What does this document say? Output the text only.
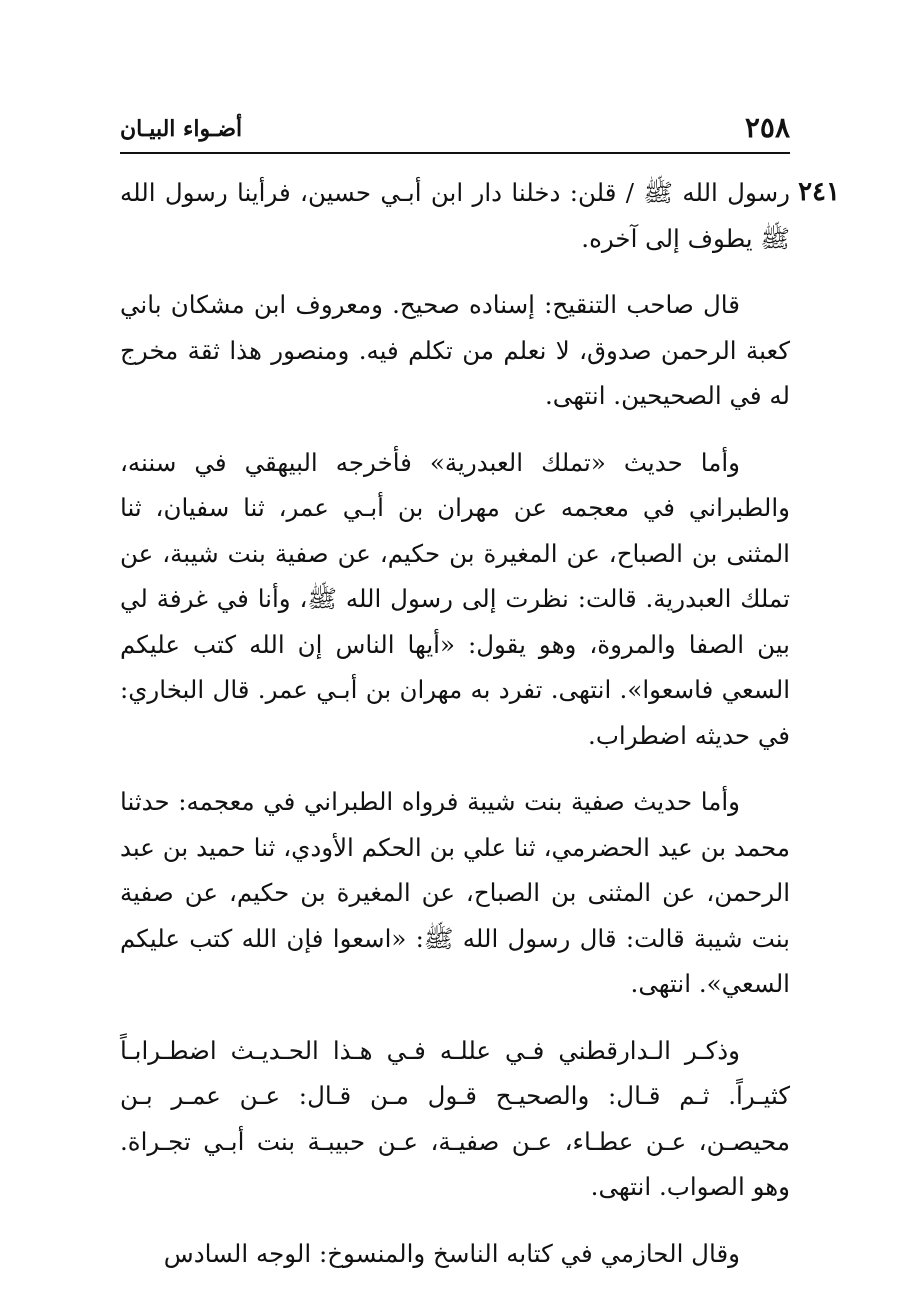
٢٥٨
أضـواء البيـان

٢٤١
رسول الله ﷺ / قلن: دخلنا دار ابن أبـي حسين، فرأينا رسول الله ﷺ يطوف إلى آخره.

قال صاحب التنقيح: إسناده صحيح. ومعروف ابن مشكان باني كعبة الرحمن صدوق، لا نعلم من تكلم فيه. ومنصور هذا ثقة مخرج له في الصحيحين. انتهى.

وأما حديث «تملك العبدرية» فأخرجه البيهقي في سننه، والطبراني في معجمه عن مهران بن أبـي عمر، ثنا سفيان، ثنا المثنى بن الصباح، عن المغيرة بن حكيم، عن صفية بنت شيبة، عن تملك العبدرية. قالت: نظرت إلى رسول الله ﷺ، وأنا في غرفة لي بين الصفا والمروة، وهو يقول: «أيها الناس إن الله كتب عليكم السعي فاسعوا». انتهى. تفرد به مهران بن أبـي عمر. قال البخاري: في حديثه اضطراب.

وأما حديث صفية بنت شيبة فرواه الطبراني في معجمه: حدثنا محمد بن عيد الحضرمي، ثنا علي بن الحكم الأودي، ثنا حميد بن عبد الرحمن، عن المثنى بن الصباح، عن المغيرة بن حكيم، عن صفية بنت شيبة قالت: قال رسول الله ﷺ: «اسعوا فإن الله كتب عليكم السعي». انتهى.

وذكـر الـدارقطني فـي عللـه فـي هـذا الحـديـث اضطـرابـاً كثيـراً. ثـم قـال: والصحيـح قـول مـن قـال: عـن عمـر بـن محيصـن، عـن عطـاء، عـن صفيـة، عـن حبيبـة بنت أبـي تجـراة. وهو الصواب. انتهى.

وقال الحازمي في كتابه الناسخ والمنسوخ: الوجه السادس
